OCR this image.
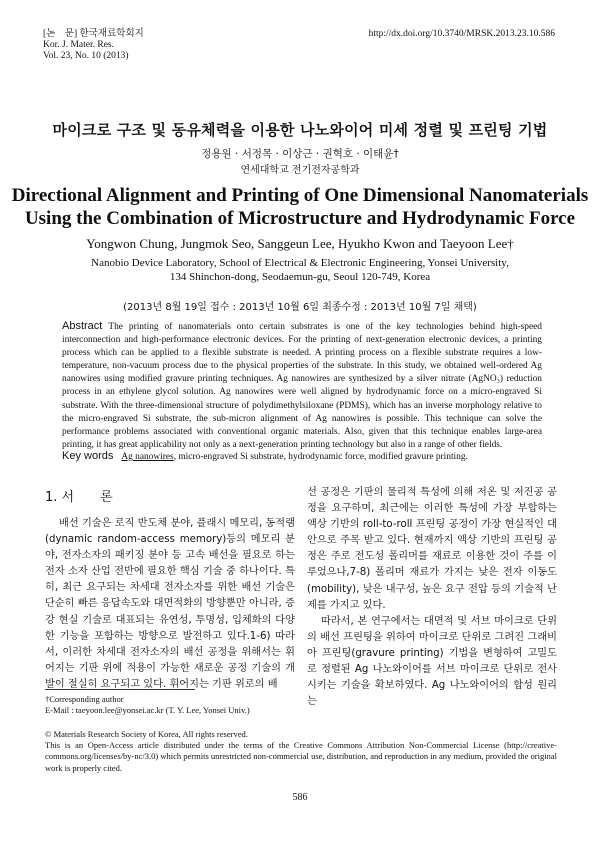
[논　문] 한국재료학회지
Kor. J. Mater. Res.
Vol. 23, No. 10 (2013)
http://dx.doi.org/10.3740/MRSK.2013.23.10.586
마이크로 구조 및 동유체력을 이용한 나노와이어 미세 정렬 및 프린팅 기법
정용원 · 서정목 · 이상근 · 권혁호 · 이태윤†
연세대학교 전기전자공학과
Directional Alignment and Printing of One Dimensional Nanomaterials
Using the Combination of Microstructure and Hydrodynamic Force
Yongwon Chung, Jungmok Seo, Sanggeun Lee, Hyukho Kwon and Taeyoon Lee†
Nanobio Device Laboratory, School of Electrical & Electronic Engineering, Yonsei University,
134 Shinchon-dong, Seodaemun-gu, Seoul 120-749, Korea
(2013년 8월 19일 접수 : 2013년 10월 6일 최종수정 : 2013년 10월 7일 채택)
Abstract The printing of nanomaterials onto certain substrates is one of the key technologies behind high-speed interconnection and high-performance electronic devices. For the printing of next-generation electronic devices, a printing process which can be applied to a flexible substrate is needed. A printing process on a flexible substrate requires a low-temperature, non-vacuum process due to the physical properties of the substrate. In this study, we obtained well-ordered Ag nanowires using modified gravure printing techniques. Ag nanowires are synthesized by a silver nitrate (AgNO₃) reduction process in an ethylene glycol solution. Ag nanowires were well aligned by hydrodynamic force on a micro-engraved Si substrate. With the three-dimensional structure of polydimethylsiloxane (PDMS), which has an inverse morphology relative to the micro-engraved Si substrate, the sub-micron alignment of Ag nanowires is possible. This technique can solve the performance problems associated with conventional organic materials. Also, given that this technique enables large-area printing, it has great applicability not only as a next-generation printing technology but also in a range of other fields.
Key words Ag nanowires, micro-engraved Si substrate, hydrodynamic force, modified gravure printing.
1. 서　　론

배선 기술은 로직 반도체 분야, 플래시 메모리, 동적램(dynamic random-access memory)등의 메모리 분야, 전자소자의 패키징 분야 등 고속 배선을 필요로 하는 전자 소자 산업 전반에 필요한 핵심 기술 중 하나이다. 특히, 최근 요구되는 차세대 전자소자를 위한 배선 기술은 단순히 빠른 응답속도와 대면적화의 방향뿐만 아니라, 증강 현실 기술로 대표되는 유연성, 투명성, 입체화의 다양한 기능을 포함하는 방향으로 발전하고 있다.1-6) 따라서, 이러한 차세대 전자소자의 배선 공정을 위해서는 휘어지는 기판 위에 적용이 가능한 새로운 공정 기술의 개발이 절실히 요구되고 있다. 휘어지는 기판 위로의 배

선 공정은 기판의 물리적 특성에 의해 저온 및 저진공 공정을 요구하며, 최근에는 이러한 특성에 가장 부합하는 액상 기반의 roll-to-roll 프린팅 공정이 가장 현실적인 대안으로 주목 받고 있다. 현재까지 액상 기반의 프린팅 공정은 주로 전도성 폴리머를 재료로 이용한 것이 주를 이루었으나,7-8) 폴리머 재료가 가지는 낮은 전자 이동도(mobility), 낮은 내구성, 높은 요구 전압 등의 기술적 난제를 가지고 있다.

따라서, 본 연구에서는 대면적 및 서브 마이크로 단위의 배선 프린팅을 위하여 마이크로 단위로 그려진 그래비아 프린팅(gravure printing) 기법을 변형하여 고밀도로 정렬된 Ag 나노와이어를 서브 마이크로 단위로 전사시키는 기술을 확보하였다. Ag 나노와이어의 합성 원리는

†Corresponding author
E-Mail : taeyoon.lee@yonsei.ac.kr (T. Y. Lee, Yonsei Univ.)
© Materials Research Society of Korea, All rights reserved.
This is an Open-Access article distributed under the terms of the Creative Commons Attribution Non-Commercial License (http://creative-commons.org/licenses/by-nc/3.0) which permits unrestricted non-commercial use, distribution, and reproduction in any medium, provided the original work is properly cited.
586
